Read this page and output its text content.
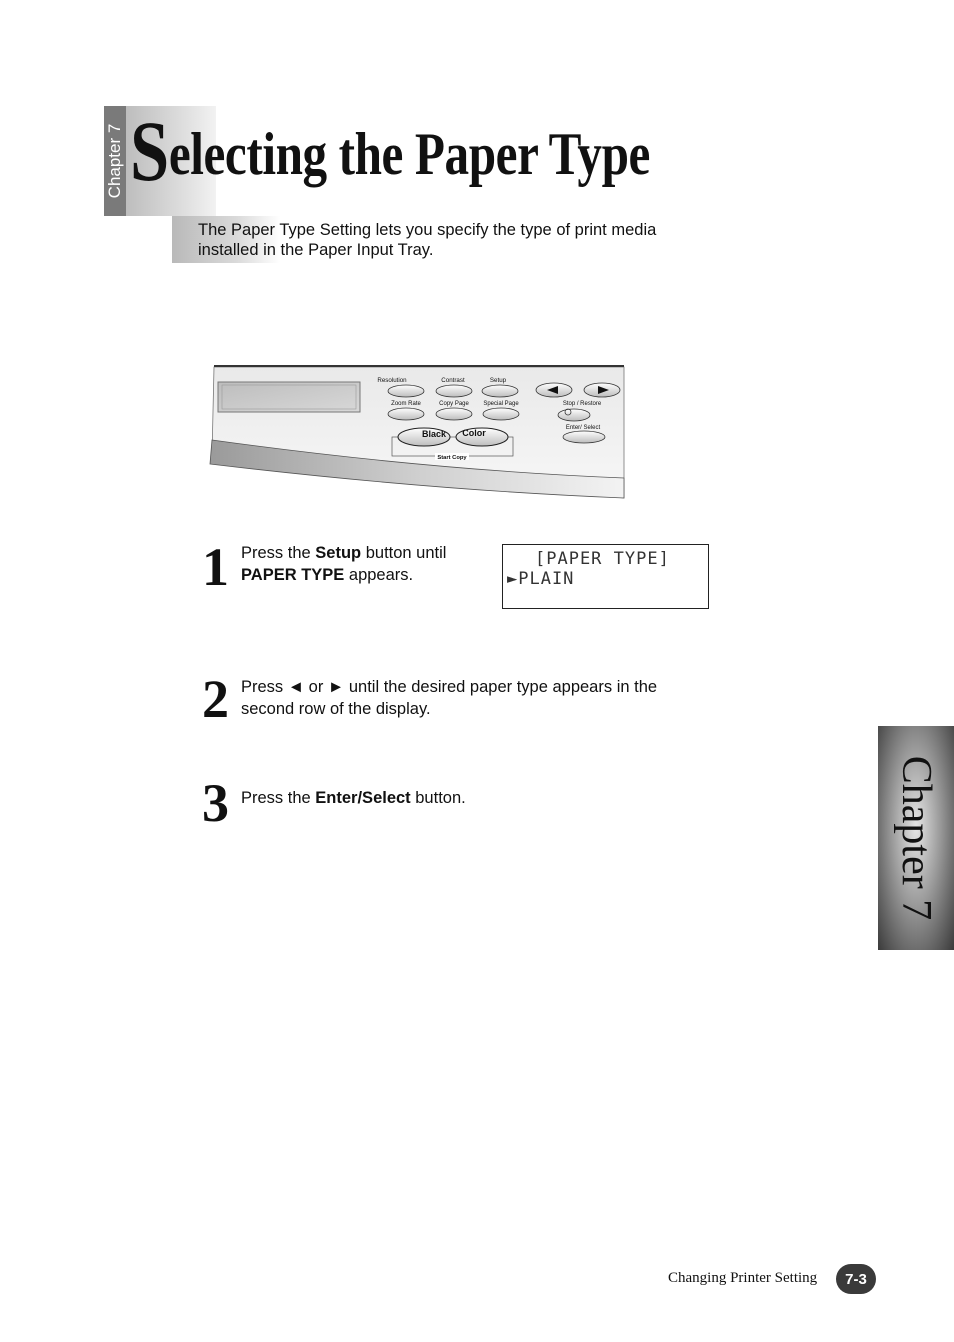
Chapter 7 Selecting the Paper Type

The Paper Type Setting lets you specify the type of print media installed in the Paper Input Tray.

Resolution	Contrast	Setup
Zoom Rate	Copy Page Special Page	Stop / Restore
Enter/ Select
Black Color
Start Copy
1 Press the Setup button until
PAPER TYPE appears.
[PAPER TYPE]
►PLAIN
2 Press ◄ or ► until the desired paper type appears in the
second row of the display.
3 Press the Enter/Select button.	Chapter 7
Changing Printer Setting	7-3
